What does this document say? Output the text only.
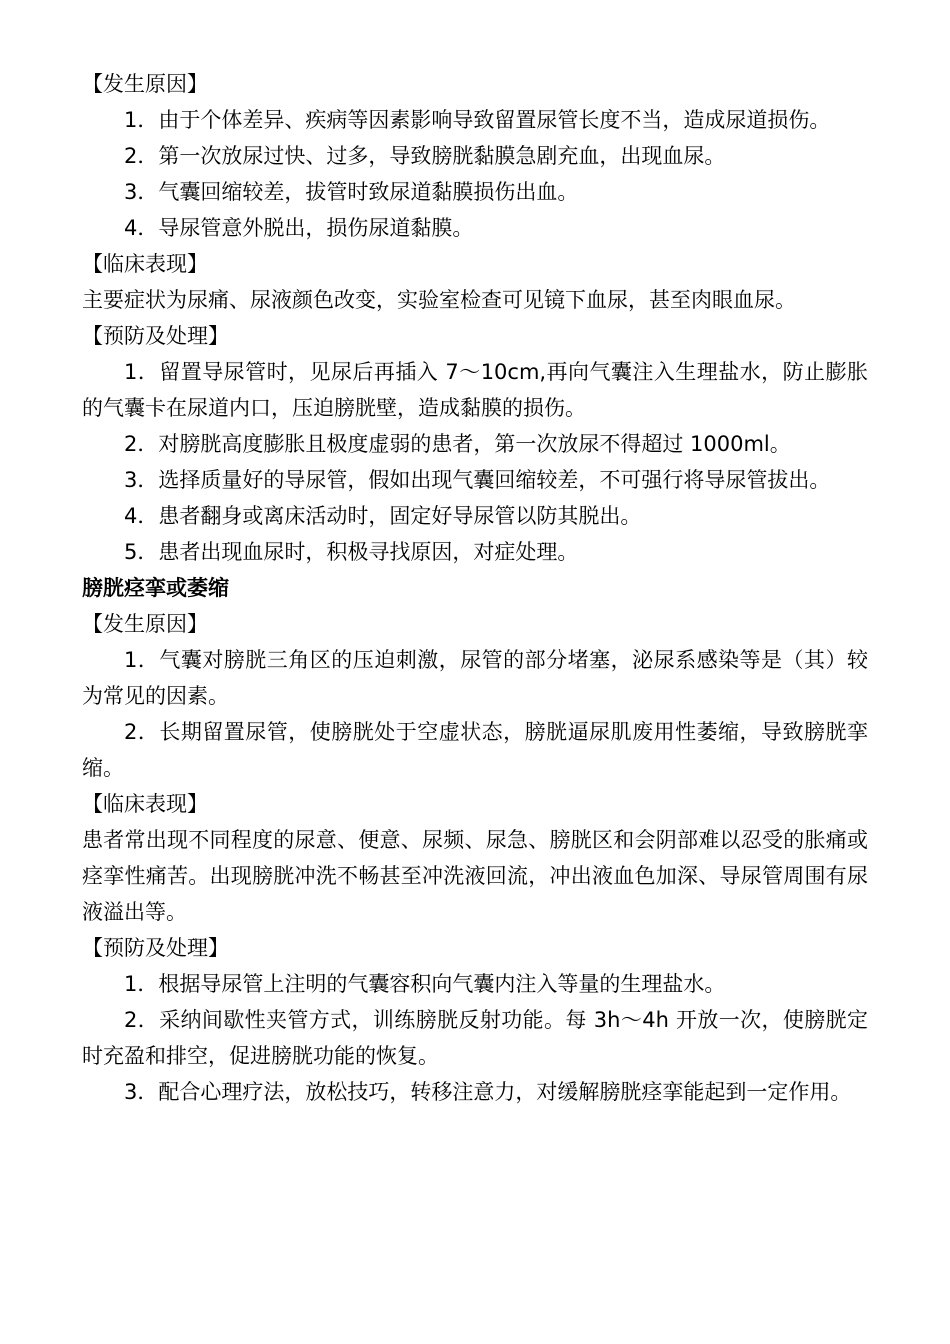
【发生原因】

1．由于个体差异、疾病等因素影响导致留置尿管长度不当，造成尿道损伤。

2．第一次放尿过快、过多，导致膀胱黏膜急剧充血，出现血尿。

3．气囊回缩较差，拔管时致尿道黏膜损伤出血。

4．导尿管意外脱出，损伤尿道黏膜。

【临床表现】

主要症状为尿痛、尿液颜色改变，实验室检查可见镜下血尿，甚至肉眼血尿。

【预防及处理】

1．留置导尿管时，见尿后再插入 7～10cm,再向气囊注入生理盐水，防止膨胀的气囊卡在尿道内口，压迫膀胱壁，造成黏膜的损伤。

2．对膀胱高度膨胀且极度虚弱的患者，第一次放尿不得超过 1000ml。

3．选择质量好的导尿管，假如出现气囊回缩较差，不可强行将导尿管拔出。

4．患者翻身或离床活动时，固定好导尿管以防其脱出。

5．患者出现血尿时，积极寻找原因，对症处理。

膀胱痉挛或萎缩

【发生原因】

1．气囊对膀胱三角区的压迫刺激，尿管的部分堵塞，泌尿系感染等是（其）较为常见的因素。

2．长期留置尿管，使膀胱处于空虚状态，膀胱逼尿肌废用性萎缩，导致膀胱挛缩。

【临床表现】

患者常出现不同程度的尿意、便意、尿频、尿急、膀胱区和会阴部难以忍受的胀痛或痉挛性痛苦。出现膀胱冲洗不畅甚至冲洗液回流，冲出液血色加深、导尿管周围有尿液溢出等。

【预防及处理】

1．根据导尿管上注明的气囊容积向气囊内注入等量的生理盐水。

2．采纳间歇性夹管方式，训练膀胱反射功能。每 3h～4h 开放一次，使膀胱定时充盈和排空，促进膀胱功能的恢复。

3．配合心理疗法，放松技巧，转移注意力，对缓解膀胱痉挛能起到一定作用。
